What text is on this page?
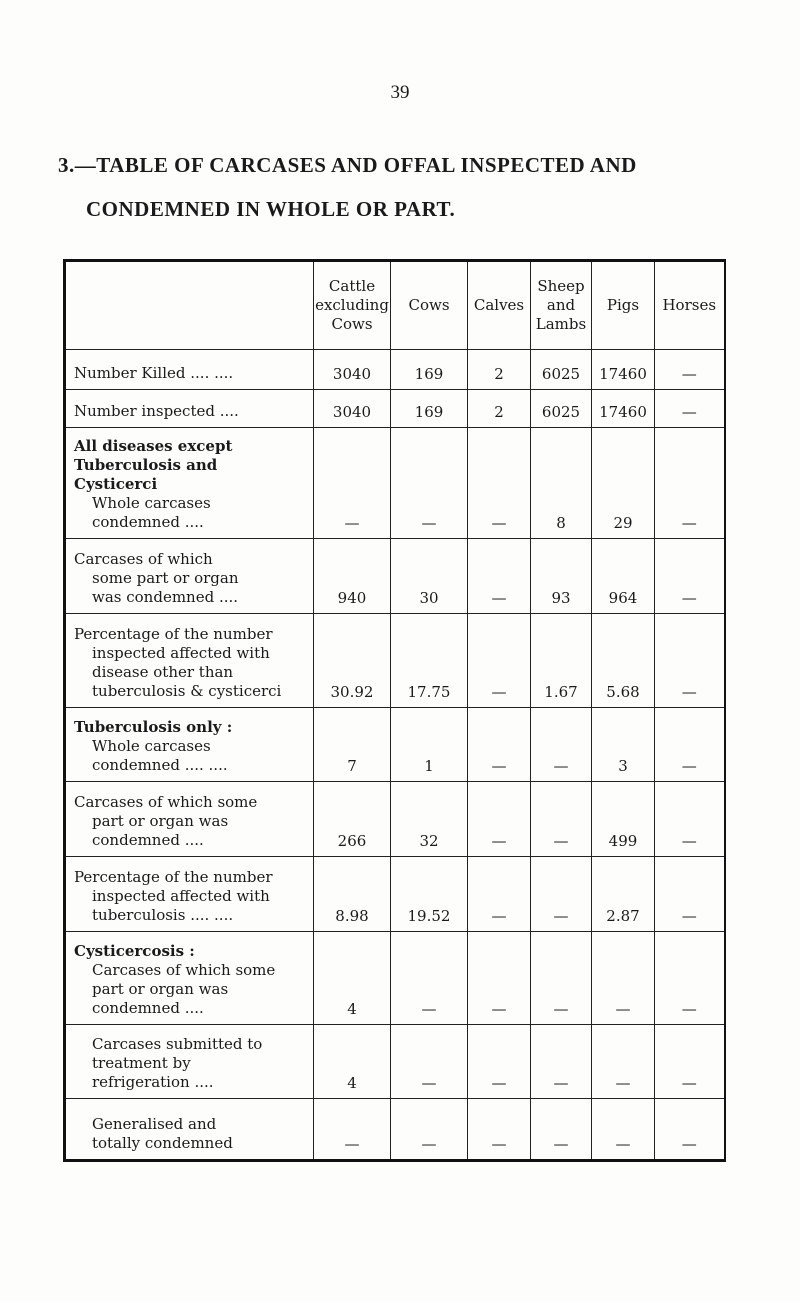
39
3.—TABLE OF CARCASES AND OFFAL INSPECTED AND
CONDEMNED IN WHOLE OR PART.

	Cattle
excluding
Cows	Cows	Calves	Sheep
and
Lambs	Pigs	Horses
Number Killed .... ....	3040	169	2	6025	17460	—
Number inspected ....	3040	169	2	6025	17460	—

All diseases except
Tuberculosis and
Cysticerci
Whole carcases
condemned ....	—	—	—	8	29	—

Carcases of which
some part or organ
was condemned ....	940	30	—	93	964	—

Percentage of the number
inspected affected with
disease other than
tuberculosis & cysticerci	30.92	17.75	—	1.67	5.68	—

Tuberculosis only :
Whole carcases
condemned .... ....	7	1	—	—	3	—

Carcases of which some
part or organ was
condemned ....	266	32	—	—	499	—

Percentage of the number
inspected affected with
tuberculosis .... ....	8.98	19.52	—	—	2.87	—

Cysticercosis :
Carcases of which some
part or organ was
condemned ....	4	—	—	—	—	—

Carcases submitted to
treatment by
refrigeration ....	4	—	—	—	—	—

Generalised and
totally condemned	—	—	—	—	—	—
